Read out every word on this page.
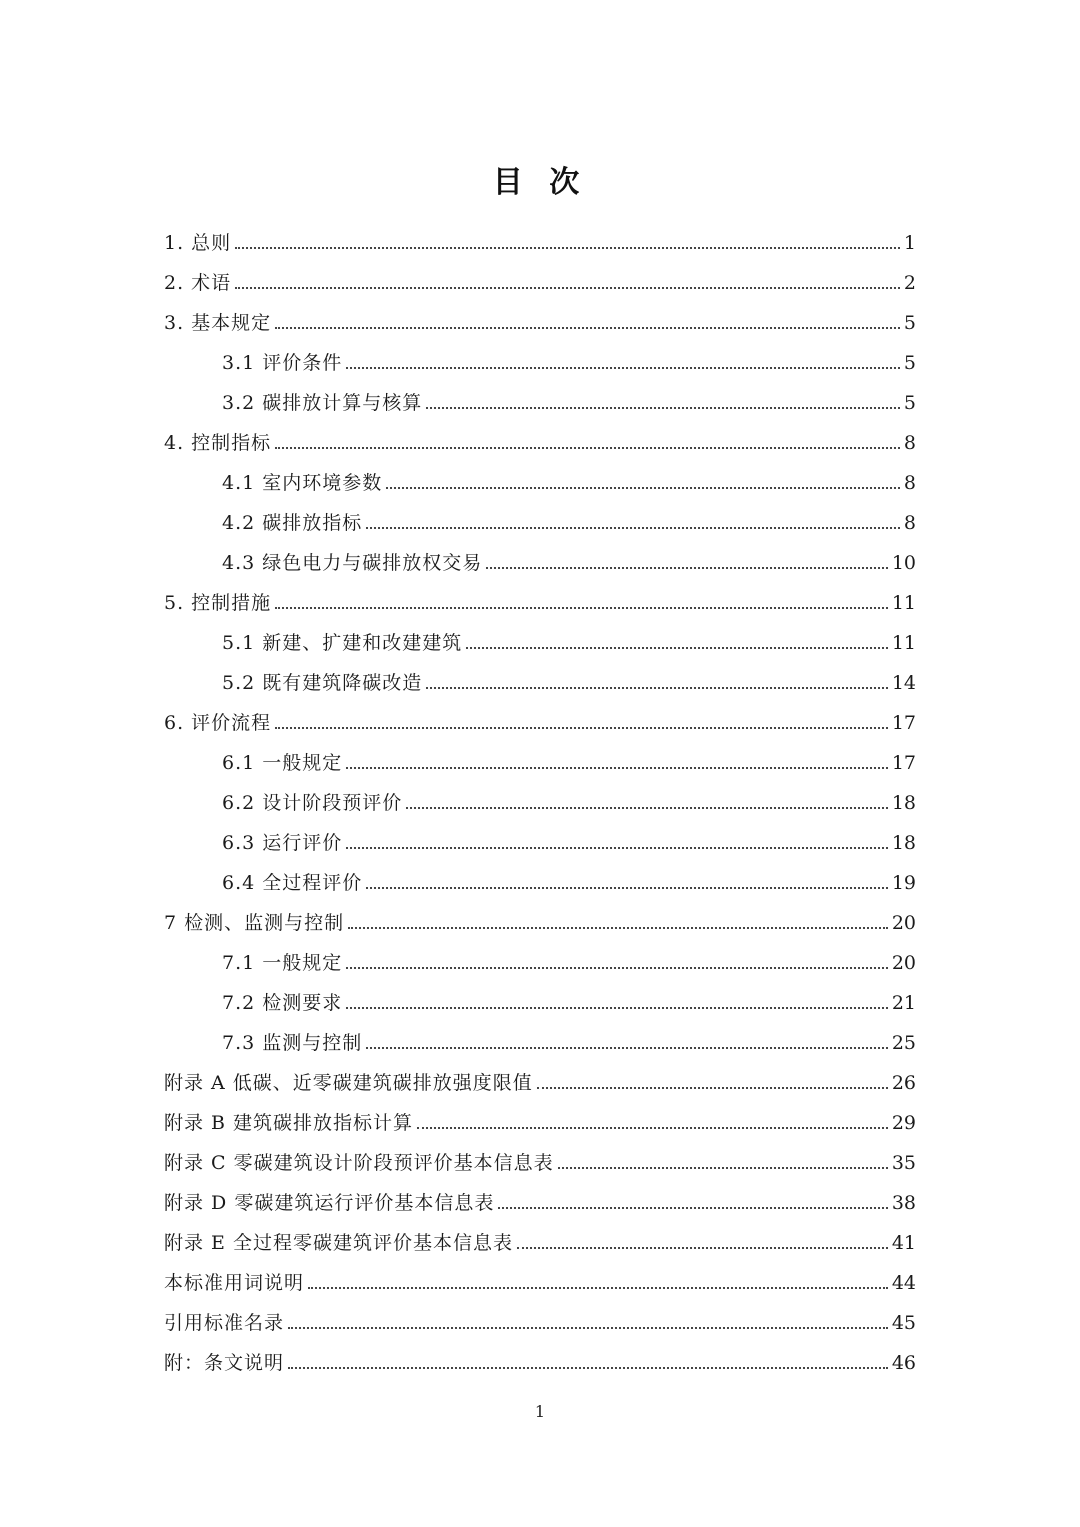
目 次
1. 总则	1
2. 术语	2
3. 基本规定	5
3.1 评价条件	5
3.2 碳排放计算与核算	5
4. 控制指标	8
4.1 室内环境参数	8
4.2 碳排放指标	8
4.3 绿色电力与碳排放权交易	10
5. 控制措施	11
5.1 新建、扩建和改建建筑	11
5.2 既有建筑降碳改造	14
6. 评价流程	17
6.1 一般规定	17
6.2 设计阶段预评价	18
6.3 运行评价	18
6.4 全过程评价	19
7 检测、监测与控制	20
7.1 一般规定	20
7.2 检测要求	21
7.3 监测与控制	25
附录 A 低碳、近零碳建筑碳排放强度限值	26
附录 B 建筑碳排放指标计算	29
附录 C 零碳建筑设计阶段预评价基本信息表	35
附录 D 零碳建筑运行评价基本信息表	38
附录 E 全过程零碳建筑评价基本信息表	41
本标准用词说明	44
引用标准名录	45
附：条文说明	46
1
